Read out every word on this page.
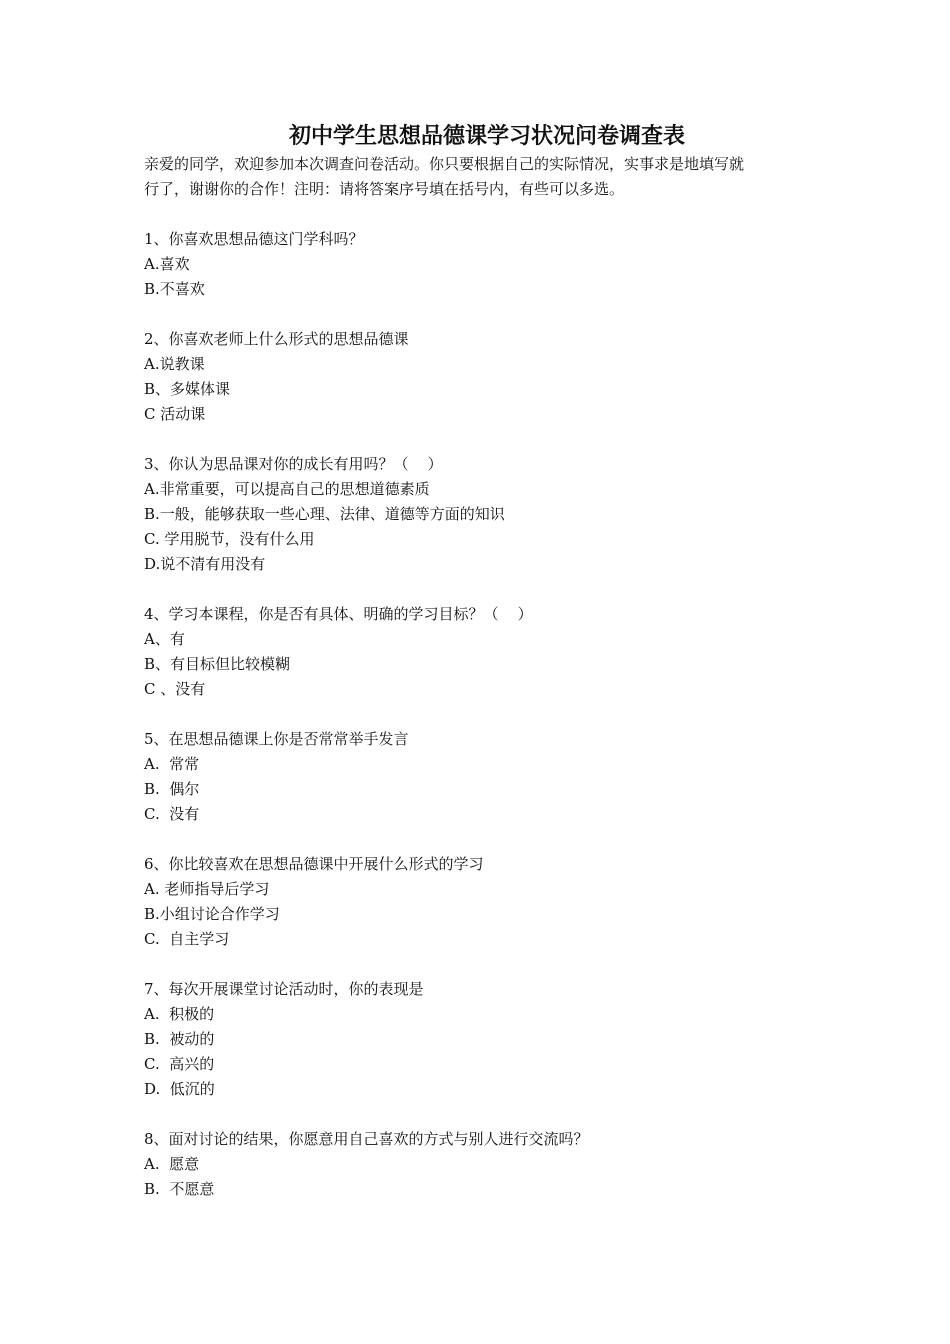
初中学生思想品德课学习状况问卷调查表

亲爱的同学，欢迎参加本次调查问卷活动。你只要根据自己的实际情况，实事求是地填写就

行了，谢谢你的合作！注明：请将答案序号填在括号内，有些可以多选。

1、你喜欢思想品德这门学科吗？

A.喜欢

B.不喜欢

2、你喜欢老师上什么形式的思想品德课

A.说教课

B、多媒体课

C 活动课

3、你认为思品课对你的成长有用吗？（    ）

A.非常重要，可以提高自己的思想道德素质

B.一般，能够获取一些心理、法律、道德等方面的知识

C. 学用脱节，没有什么用

D.说不清有用没有

4、学习本课程，你是否有具体、明确的学习目标？（    ）

A、有

B、有目标但比较模糊

C 、没有

5、在思想品德课上你是否常常举手发言

A.  常常

B.  偶尔

C.  没有

6、你比较喜欢在思想品德课中开展什么形式的学习

A. 老师指导后学习

B.小组讨论合作学习

C.  自主学习

7、每次开展课堂讨论活动时，你的表现是

A.  积极的

B.  被动的

C.  高兴的

D.  低沉的

8、面对讨论的结果，你愿意用自己喜欢的方式与别人进行交流吗？

A.  愿意

B.  不愿意
